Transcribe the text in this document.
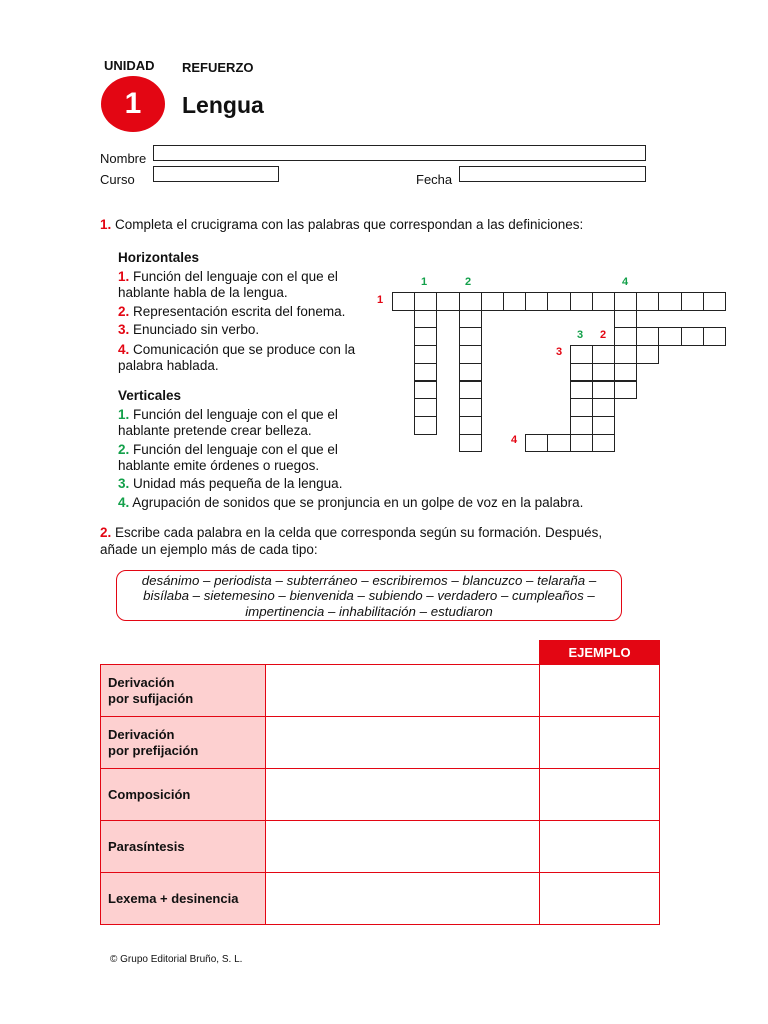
UNIDAD REFUERZO
1	Lengua
Nombre
Curso	Fecha
1. Completa el crucigrama con las palabras que correspondan a las definiciones:
Horizontales
1. Función del lenguaje con el que el hablante habla de la lengua.
2. Representación escrita del fonema.
3. Enunciado sin verbo.
4. Comunicación que se produce con la palabra hablada.
Verticales
1. Función del lenguaje con el que el hablante pretende crear belleza.
2. Función del lenguaje con el que el hablante emite órdenes o ruegos.
3. Unidad más pequeña de la lengua.
4. Agrupación de sonidos que se pronjuncia en un golpe de voz en la palabra.
1	2	4
1
3 2
3
4
2. Escribe cada palabra en la celda que corresponda según su formación. Después,
añade un ejemplo más de cada tipo:
desánimo – periodista – subterráneo – escribiremos – blancuzco – telaraña –
bisílaba – sietemesino – bienvenida – subiendo – verdadero – cumpleaños –
impertinencia – inhabilitación – estudiaron
		EJEMPLO

Derivación
por sufijación		

Derivación
por prefijación		

Composición		

Parasíntesis		

Lexema + desinencia		

© Grupo Editorial Bruño, S. L.
